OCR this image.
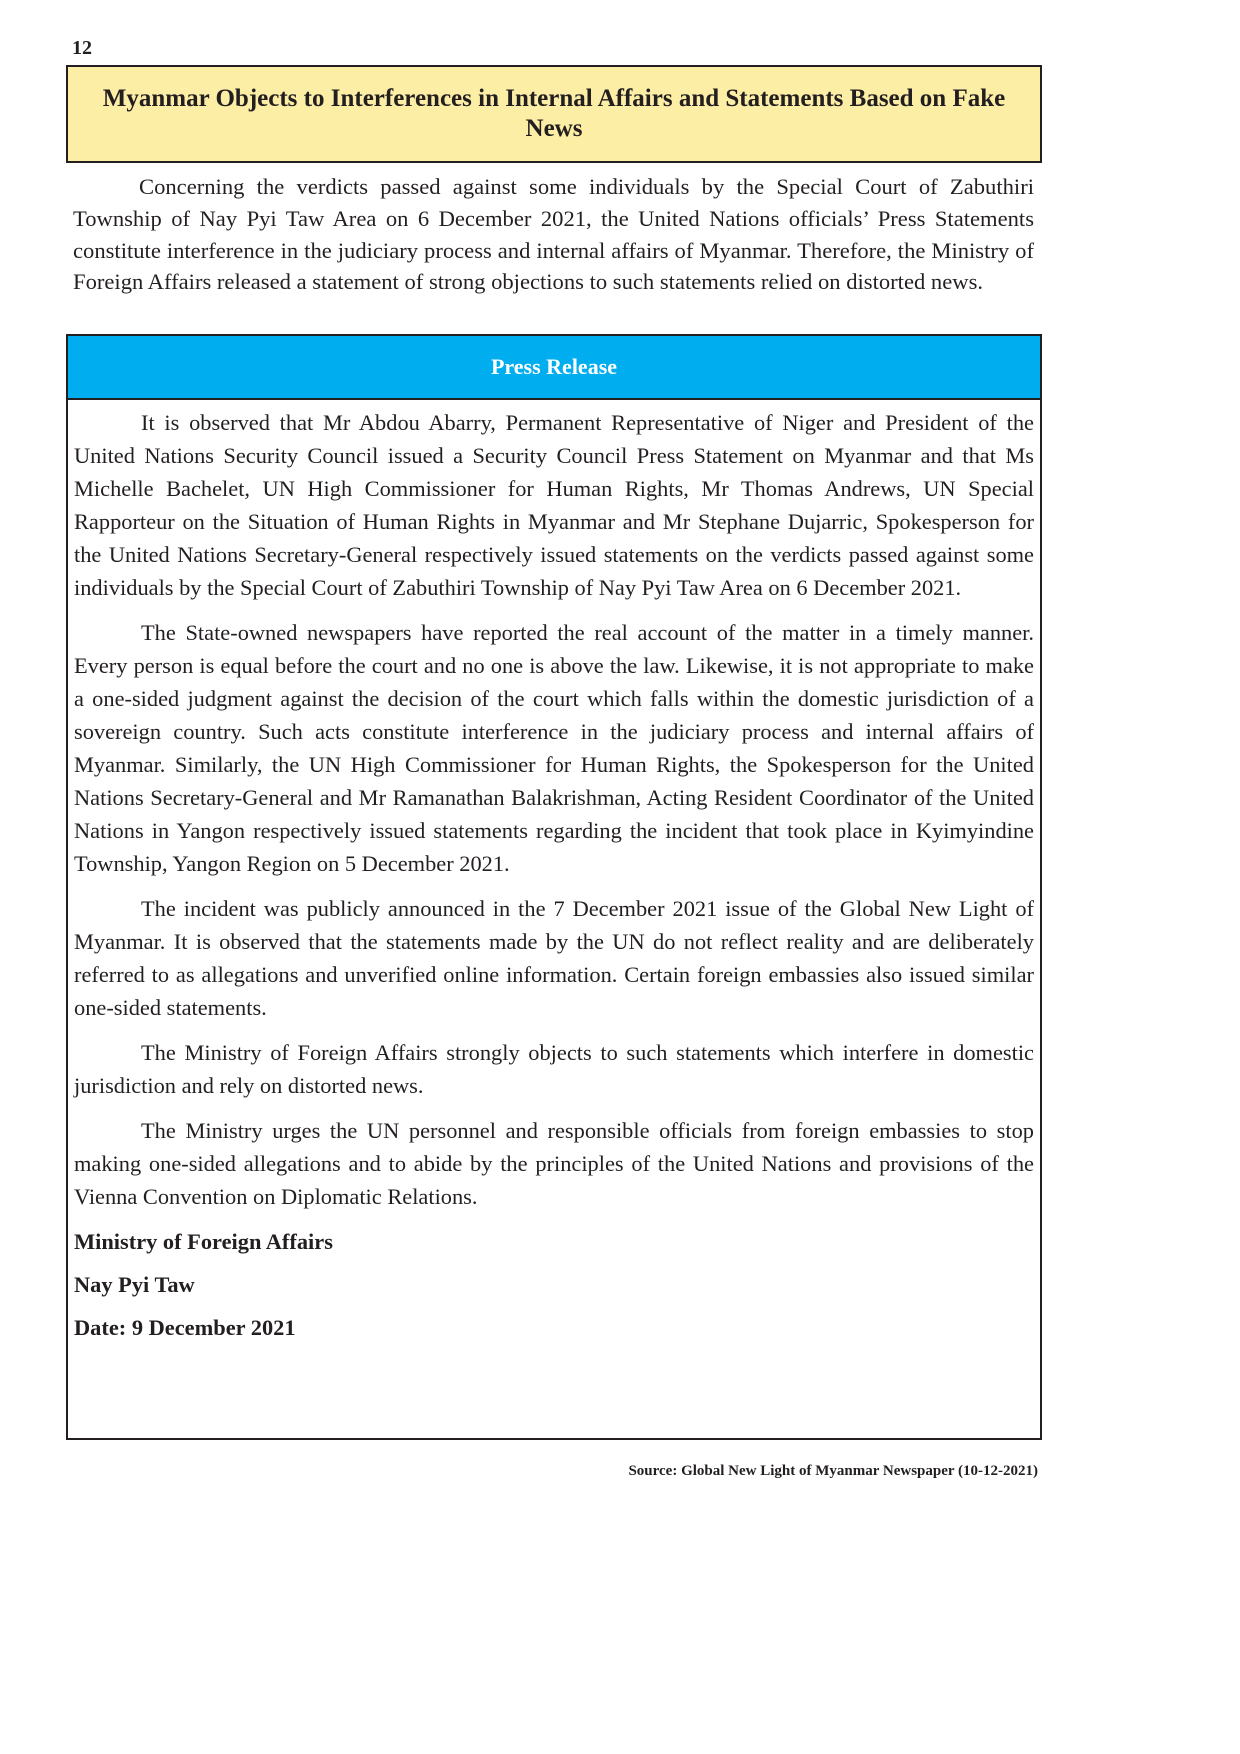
12
Myanmar Objects to Interferences in Internal Affairs and Statements Based on Fake News

Concerning the verdicts passed against some individuals by the Special Court of Zabuthiri Township of Nay Pyi Taw Area on 6 December 2021, the United Nations officials’ Press Statements constitute interference in the judiciary process and internal affairs of Myanmar. Therefore, the Ministry of Foreign Affairs released a statement of strong objections to such statements relied on distorted news.

Press Release

It is observed that Mr Abdou Abarry, Permanent Representative of Niger and President of the United Nations Security Council issued a Security Council Press Statement on Myanmar and that Ms Michelle Bachelet, UN High Commissioner for Human Rights, Mr Thomas Andrews, UN Special Rapporteur on the Situation of Human Rights in Myanmar and Mr Stephane Dujarric, Spokesperson for the United Nations Secretary-General respectively issued statements on the verdicts passed against some individuals by the Special Court of Zabuthiri Township of Nay Pyi Taw Area on 6 December 2021.

The State-owned newspapers have reported the real account of the matter in a timely manner. Every person is equal before the court and no one is above the law. Likewise, it is not appropriate to make a one-sided judgment against the decision of the court which falls within the domestic jurisdiction of a sovereign country. Such acts constitute interference in the judiciary process and internal affairs of Myanmar. Similarly, the UN High Commissioner for Human Rights, the Spokesperson for the United Nations Secretary-General and Mr Ramanathan Balakrishman, Acting Resident Coordinator of the United Nations in Yangon respectively issued statements regarding the incident that took place in Kyimyindine Township, Yangon Region on 5 December 2021.

The incident was publicly announced in the 7 December 2021 issue of the Global New Light of Myanmar. It is observed that the statements made by the UN do not reflect reality and are deliberately referred to as allegations and unverified online information. Certain foreign embassies also issued similar one-sided statements.

The Ministry of Foreign Affairs strongly objects to such statements which interfere in domestic jurisdiction and rely on distorted news.

The Ministry urges the UN personnel and responsible officials from foreign embassies to stop making one-sided allegations and to abide by the principles of the United Nations and provisions of the Vienna Convention on Diplomatic Relations.

Ministry of Foreign Affairs

Nay Pyi Taw

Date: 9 December 2021

Source: Global New Light of Myanmar Newspaper (10-12-2021)
